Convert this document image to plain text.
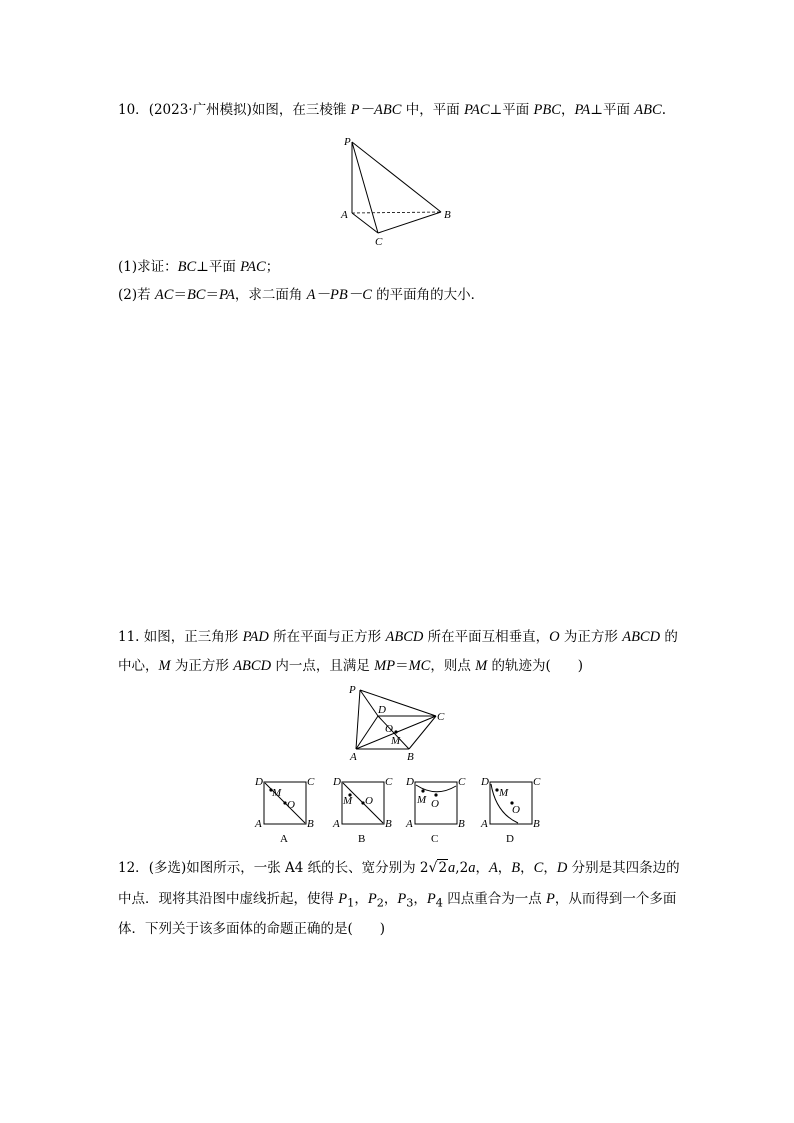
10．(2023·广州模拟)如图，在三棱锥 P－ABC 中，平面 PAC⊥平面 PBC，PA⊥平面 ABC.
P
A	B
C
(1)求证：BC⊥平面 PAC；
(2)若 AC＝BC＝PA，求二面角 A－PB－C 的平面角的大小．
11. 如图，正三角形 PAD 所在平面与正方形 ABCD 所在平面互相垂直，O 为正方形 ABCD 的
中心，M 为正方形 ABCD 内一点，且满足 MP＝MC，则点 M 的轨迹为(　　)
P
D
C
O
M
A	B
D	C
M
O
A	B
A
D	C
M O
A	B
B
D	C
M O
A	B
C
D	C
M
O
A	B
D
12．(多选)如图所示，一张 A4 纸的长、宽分别为 2√2a,2a，A，B，C，D 分别是其四条边的
中点．现将其沿图中虚线折起，使得 $P_1$，$P_2$，$P_3$，$P_4$ 四点重合为一点 P，从而得到一个多面
体．下列关于该多面体的命题正确的是(　　)
